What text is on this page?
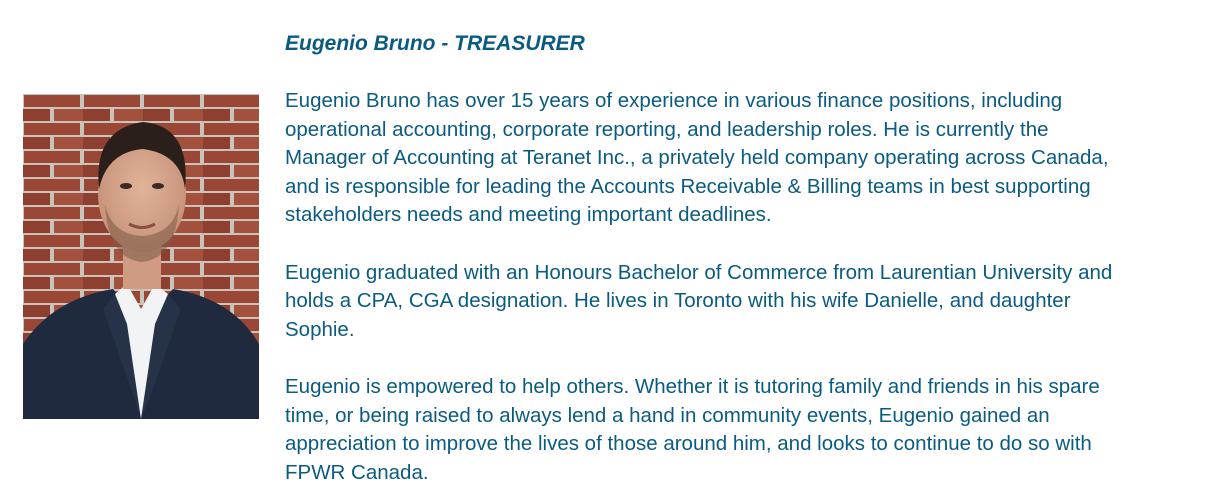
Eugenio Bruno - TREASURER

Eugenio Bruno has over 15 years of experience in various finance positions, including
operational accounting, corporate reporting, and leadership roles. He is currently the
Manager of Accounting at Teranet Inc., a privately held company operating across Canada,
and is responsible for leading the Accounts Receivable & Billing teams in best supporting
stakeholders needs and meeting important deadlines.

Eugenio graduated with an Honours Bachelor of Commerce from Laurentian University and
holds a CPA, CGA designation. He lives in Toronto with his wife Danielle, and daughter
Sophie.

Eugenio is empowered to help others. Whether it is tutoring family and friends in his spare
time, or being raised to always lend a hand in community events, Eugenio gained an
appreciation to improve the lives of those around him, and looks to continue to do so with
FPWR Canada.
